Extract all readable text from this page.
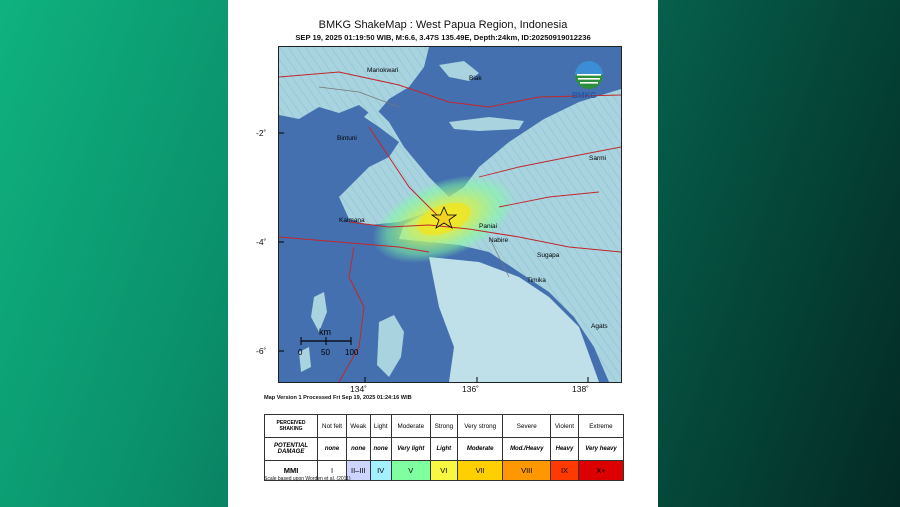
BMKG ShakeMap : West Papua Region, Indonesia
SEP 19, 2025 01:19:50 WIB, M:6.6, 3.47S 135.49E, Depth:24km, ID:20250919012236
-2˚
-4˚
-6˚
134˚	136˚	138˚
Manokwari
Biak
Bintuni
Kaimana
Timika
Agats
Nabire
Sugapa
Paniai
Sarmi
BMKG
km
0 50 100
Map Version 1 Processed Fri Sep 19, 2025 01:24:16 WIB
PERCEIVED SHAKING	Not felt	Weak	Light	Moderate	Strong	Very strong	Severe	Violent	Extreme
POTENTIAL DAMAGE	none	none	none	Very light	Light	Moderate	Mod./Heavy	Heavy	Very heavy
MMI	I	II–III	IV	V	VI	VII	VIII	IX	X+
Scale based upon Worden et al. (2011)
